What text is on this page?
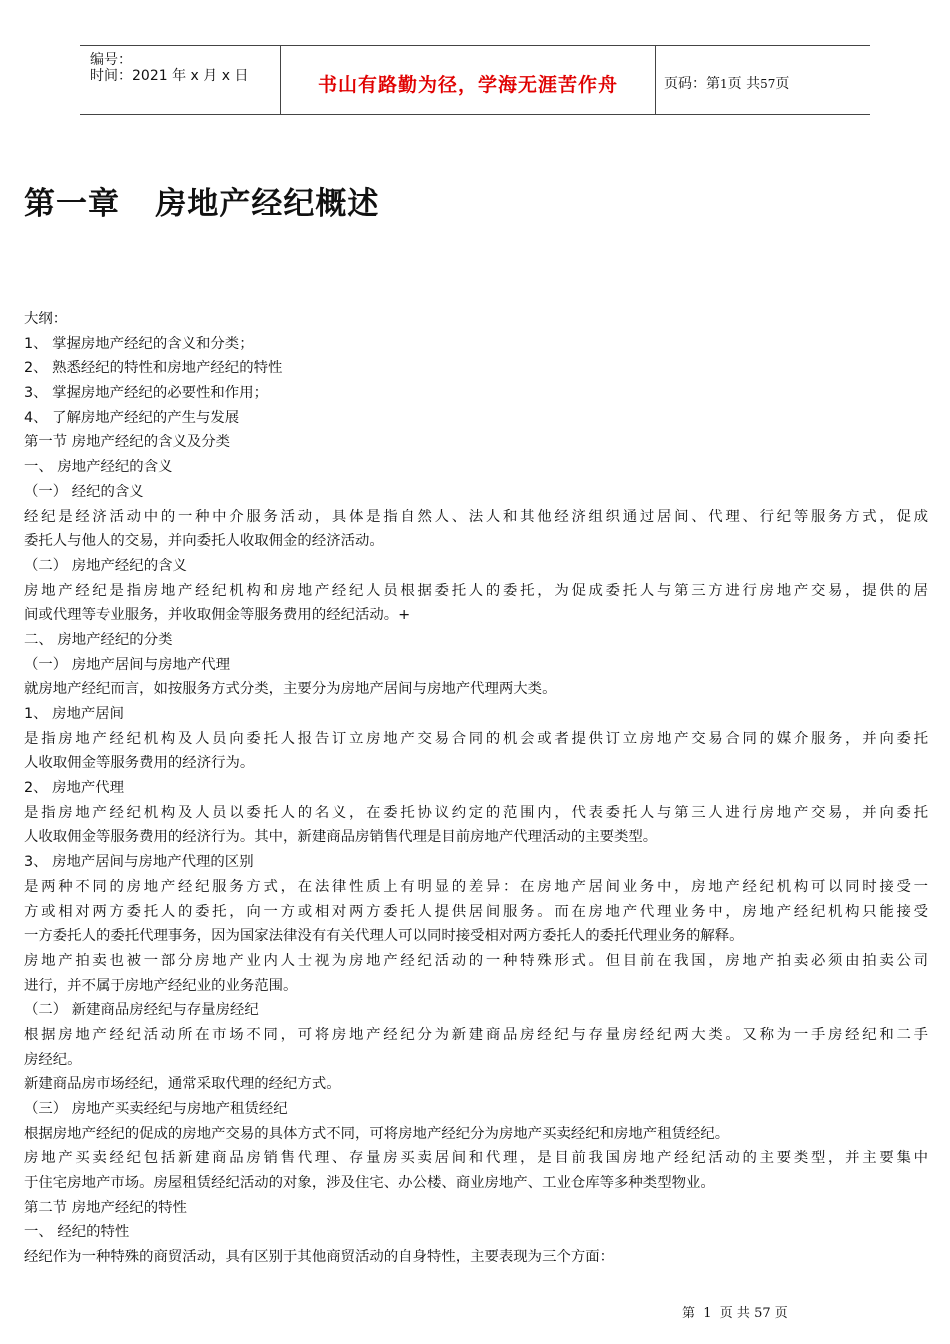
编号：
时间：2021 年 x 月 x 日	书山有路勤为径，学海无涯苦作舟	页码：第1页 共57页
第一章   房地产经纪概述
大纲：
1、 掌握房地产经纪的含义和分类；
2、 熟悉经纪的特性和房地产经纪的特性
3、 掌握房地产经纪的必要性和作用；
4、 了解房地产经纪的产生与发展
第一节 房地产经纪的含义及分类
一、 房地产经纪的含义
（一） 经纪的含义
经纪是经济活动中的一种中介服务活动，具体是指自然人、法人和其他经济组织通过居间、代理、行纪等服务方式，促成
委托人与他人的交易，并向委托人收取佣金的经济活动。
（二） 房地产经纪的含义
房地产经纪是指房地产经纪机构和房地产经纪人员根据委托人的委托，为促成委托人与第三方进行房地产交易，提供的居
间或代理等专业服务，并收取佣金等服务费用的经纪活动。+
二、 房地产经纪的分类
（一） 房地产居间与房地产代理
就房地产经纪而言，如按服务方式分类，主要分为房地产居间与房地产代理两大类。
1、 房地产居间
是指房地产经纪机构及人员向委托人报告订立房地产交易合同的机会或者提供订立房地产交易合同的媒介服务，并向委托
人收取佣金等服务费用的经济行为。
2、 房地产代理
是指房地产经纪机构及人员以委托人的名义，在委托协议约定的范围内，代表委托人与第三人进行房地产交易，并向委托
人收取佣金等服务费用的经济行为。其中，新建商品房销售代理是目前房地产代理活动的主要类型。
3、 房地产居间与房地产代理的区别
是两种不同的房地产经纪服务方式，在法律性质上有明显的差异：在房地产居间业务中，房地产经纪机构可以同时接受一
方或相对两方委托人的委托，向一方或相对两方委托人提供居间服务。而在房地产代理业务中，房地产经纪机构只能接受
一方委托人的委托代理事务，因为国家法律没有有关代理人可以同时接受相对两方委托人的委托代理业务的解释。
房地产拍卖也被一部分房地产业内人士视为房地产经纪活动的一种特殊形式。但目前在我国，房地产拍卖必须由拍卖公司
进行，并不属于房地产经纪业的业务范围。
（二） 新建商品房经纪与存量房经纪
根据房地产经纪活动所在市场不同，可将房地产经纪分为新建商品房经纪与存量房经纪两大类。又称为一手房经纪和二手
房经纪。
新建商品房市场经纪，通常采取代理的经纪方式。
（三） 房地产买卖经纪与房地产租赁经纪
根据房地产经纪的促成的房地产交易的具体方式不同，可将房地产经纪分为房地产买卖经纪和房地产租赁经纪。
房地产买卖经纪包括新建商品房销售代理、存量房买卖居间和代理，是目前我国房地产经纪活动的主要类型，并主要集中
于住宅房地产市场。房屋租赁经纪活动的对象，涉及住宅、办公楼、商业房地产、工业仓库等多种类型物业。
第二节 房地产经纪的特性
一、 经纪的特性
经纪作为一种特殊的商贸活动，具有区别于其他商贸活动的自身特性，主要表现为三个方面：
第  1  页 共 57 页
